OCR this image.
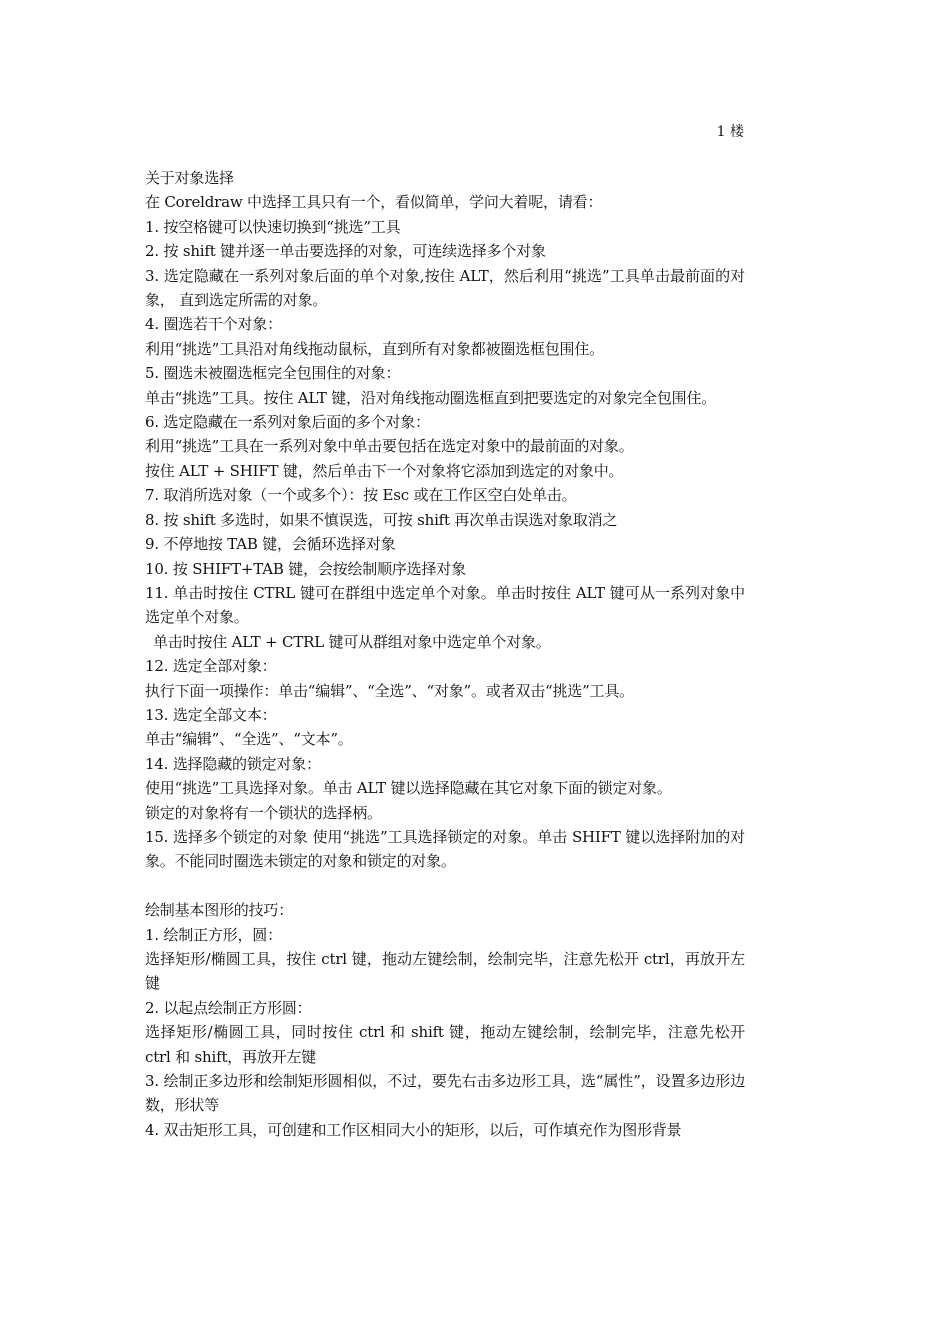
1 楼
关于对象选择
在 Coreldraw 中选择工具只有一个，看似简单，学问大着呢，请看：
1. 按空格键可以快速切换到“挑选”工具
2. 按 shift 键并逐一单击要选择的对象，可连续选择多个对象
3. 选定隐藏在一系列对象后面的单个对象,按住 ALT，然后利用“挑选”工具单击最前面的对象， 直到选定所需的对象。
4. 圈选若干个对象：
利用“挑选”工具沿对角线拖动鼠标，直到所有对象都被圈选框包围住。
5. 圈选未被圈选框完全包围住的对象：
单击“挑选”工具。按住 ALT 键，沿对角线拖动圈选框直到把要选定的对象完全包围住。
6. 选定隐藏在一系列对象后面的多个对象：
利用“挑选”工具在一系列对象中单击要包括在选定对象中的最前面的对象。
按住 ALT + SHIFT 键，然后单击下一个对象将它添加到选定的对象中。
7. 取消所选对象（一个或多个）：按 Esc 或在工作区空白处单击。
8. 按 shift 多选时，如果不慎误选，可按 shift 再次单击误选对象取消之
9. 不停地按 TAB 键，会循环选择对象
10. 按 SHIFT+TAB 键，会按绘制顺序选择对象
11. 单击时按住 CTRL 键可在群组中选定单个对象。单击时按住 ALT 键可从一系列对象中选定单个对象。
单击时按住 ALT + CTRL 键可从群组对象中选定单个对象。
12. 选定全部对象：
执行下面一项操作：单击“编辑”、“全选”、“对象”。或者双击“挑选”工具。
13. 选定全部文本：
单击“编辑”、“全选”、“文本”。
14. 选择隐藏的锁定对象：
使用“挑选”工具选择对象。单击 ALT 键以选择隐藏在其它对象下面的锁定对象。
锁定的对象将有一个锁状的选择柄。
15. 选择多个锁定的对象 使用“挑选”工具选择锁定的对象。单击 SHIFT 键以选择附加的对象。不能同时圈选未锁定的对象和锁定的对象。
绘制基本图形的技巧：
1. 绘制正方形，圆：
选择矩形/椭圆工具，按住 ctrl 键，拖动左键绘制，绘制完毕，注意先松开 ctrl，再放开左键
2. 以起点绘制正方形圆：
选择矩形/椭圆工具，同时按住 ctrl 和 shift 键，拖动左键绘制，绘制完毕，注意先松开 ctrl 和 shift，再放开左键
3. 绘制正多边形和绘制矩形圆相似，不过，要先右击多边形工具，选“属性”，设置多边形边数，形状等
4. 双击矩形工具，可创建和工作区相同大小的矩形，以后，可作填充作为图形背景
